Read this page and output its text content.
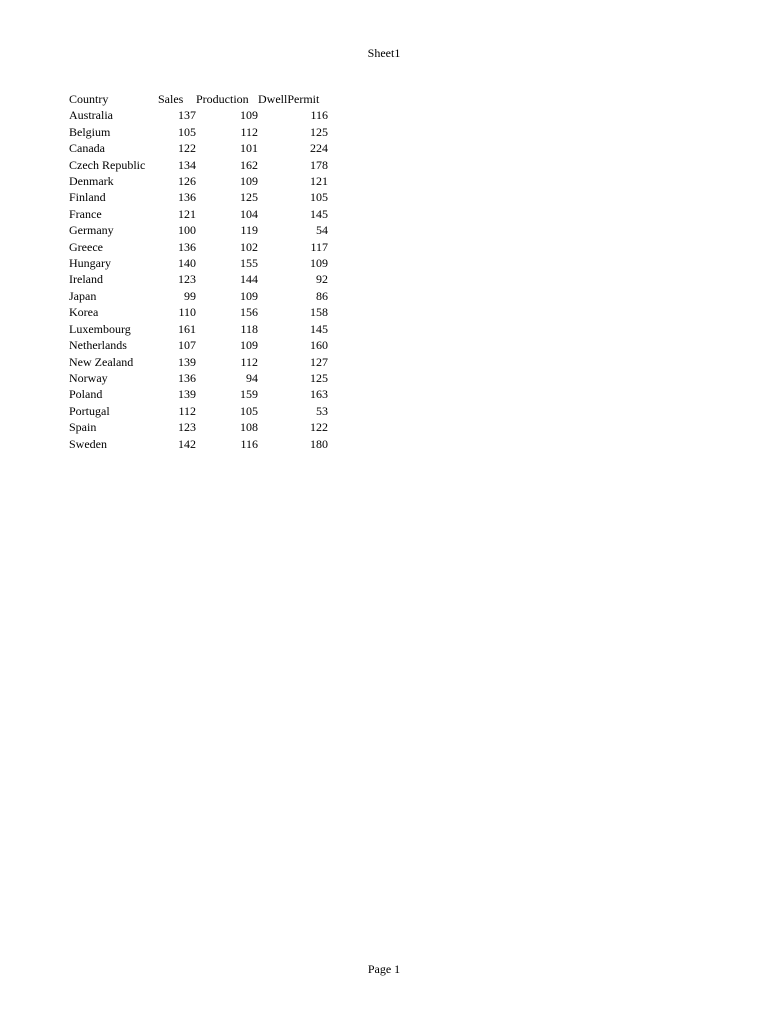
Sheet1
Country	Sales	Production	DwellPermit
Australia	137	109	116
Belgium	105	112	125
Canada	122	101	224
Czech Republic	134	162	178
Denmark	126	109	121
Finland	136	125	105
France	121	104	145
Germany	100	119	54
Greece	136	102	117
Hungary	140	155	109
Ireland	123	144	92
Japan	99	109	86
Korea	110	156	158
Luxembourg	161	118	145
Netherlands	107	109	160
New Zealand	139	112	127
Norway	136	94	125
Poland	139	159	163
Portugal	112	105	53
Spain	123	108	122
Sweden	142	116	180
Page 1
